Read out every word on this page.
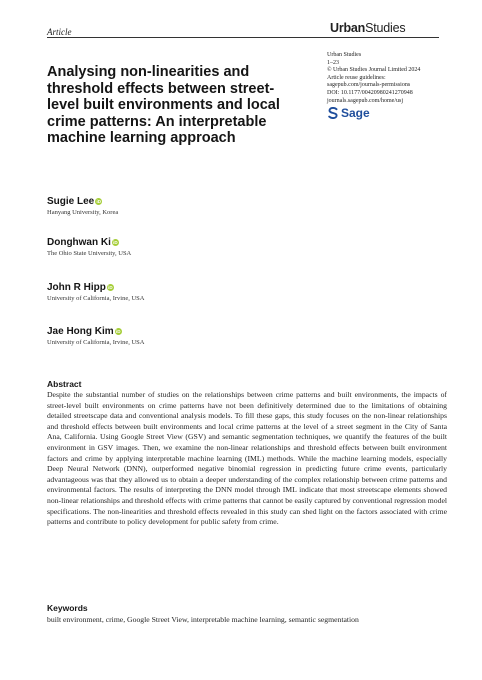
Article	UrbanStudies
Analysing non-linearities and threshold effects between street-level built environments and local crime patterns: An interpretable machine learning approach
Urban Studies
1–23
© Urban Studies Journal Limited 2024
Article reuse guidelines:
sagepub.com/journals-permissions
DOI: 10.1177/00420980241270948
journals.sagepub.com/home/usj
Sage
Sugie Lee iD
Hanyang University, Korea
Donghwan Ki iD
The Ohio State University, USA
John R Hipp iD
University of California, Irvine, USA
Jae Hong Kim iD
University of California, Irvine, USA
Abstract

Despite the substantial number of studies on the relationships between crime patterns and built environments, the impacts of street-level built environments on crime patterns have not been definitively determined due to the limitations of obtaining detailed streetscape data and conventional analysis models. To fill these gaps, this study focuses on the non-linear relationships and threshold effects between built environments and local crime patterns at the level of a street segment in the City of Santa Ana, California. Using Google Street View (GSV) and semantic segmentation techniques, we quantify the features of the built environment in GSV images. Then, we examine the non-linear relationships and threshold effects between built environment factors and crime by applying interpretable machine learning (IML) methods. While the machine learning models, especially Deep Neural Network (DNN), outperformed negative binomial regression in predicting future crime events, particularly advantageous was that they allowed us to obtain a deeper understanding of the complex relationship between crime patterns and environmental factors. The results of interpreting the DNN model through IML indicate that most streetscape elements showed non-linear relationships and threshold effects with crime patterns that cannot be easily captured by conventional regression model specifications. The non-linearities and threshold effects revealed in this study can shed light on the factors associated with crime patterns and contribute to policy development for public safety from crime.

Keywords

built environment, crime, Google Street View, interpretable machine learning, semantic segmentation
